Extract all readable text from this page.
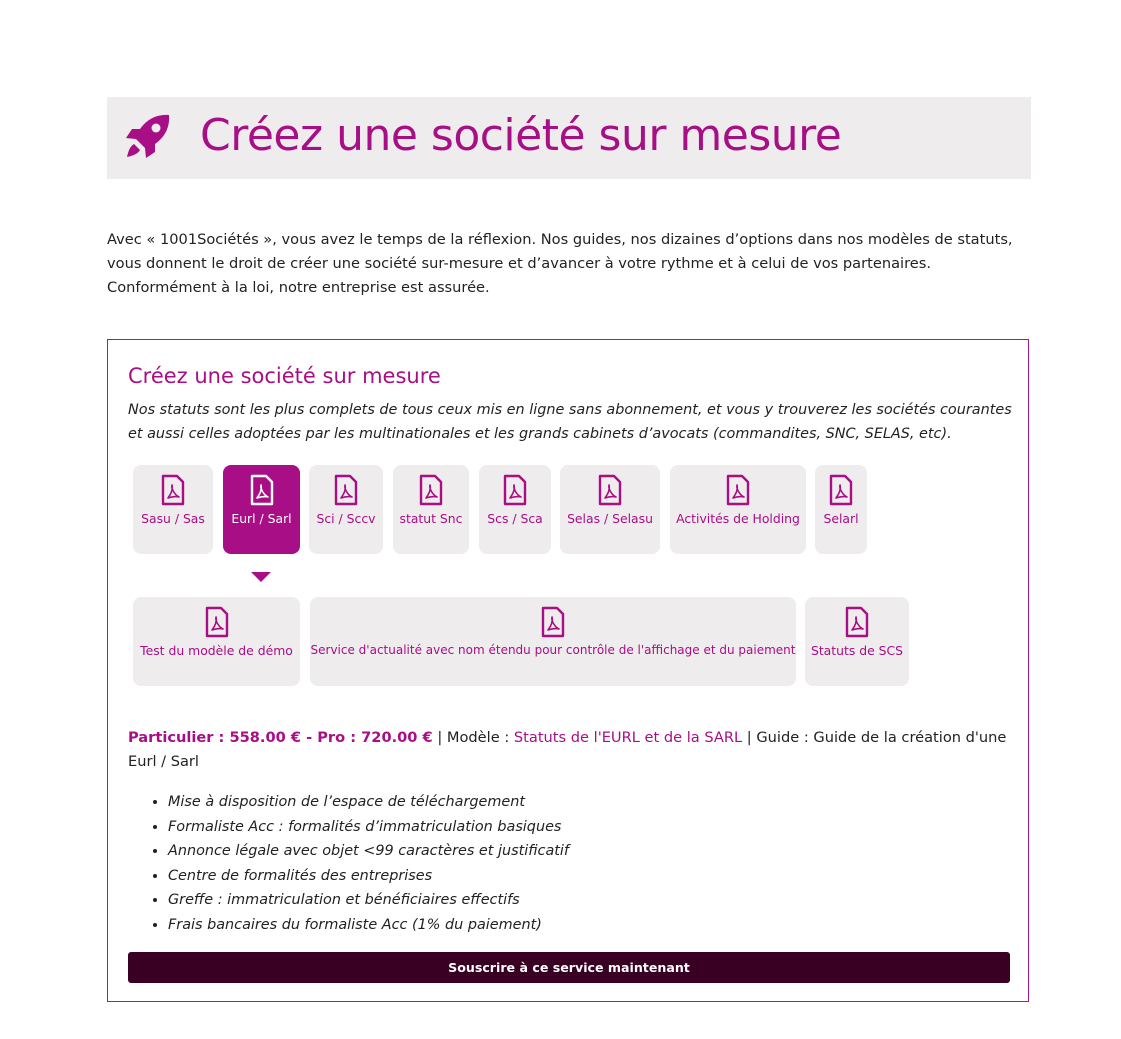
Créez une société sur mesure

Avec « 1001Sociétés », vous avez le temps de la réflexion. Nos guides, nos dizaines d’options dans nos modèles de statuts, vous donnent le droit de créer une société sur-mesure et d’avancer à votre rythme et à celui de vos partenaires. Conformément à la loi, notre entreprise est assurée.

Créez une société sur mesure
Nos statuts sont les plus complets de tous ceux mis en ligne sans abonnement, et vous y trouverez les sociétés courantes et aussi celles adoptées par les multinationales et les grands cabinets d’avocats (commandites, SNC, SELAS, etc).
Sasu / Sas	Eurl / Sarl	Sci / Sccv	statut Snc	Scs / Sca	Selas / Selasu	Activités de Holding	Selarl
Test du modèle de démo	Service d'actualité avec nom étendu pour contrôle de l'affichage et du paiement	Statuts de SCS
Particulier : 558.00 € - Pro : 720.00 € | Modèle : Statuts de l'EURL et de la SARL | Guide : Guide de la création d'une Eurl / Sarl
• Mise à disposition de l’espace de téléchargement
• Formaliste Acc : formalités d’immatriculation basiques
• Annonce légale avec objet <99 caractères et justificatif
• Centre de formalités des entreprises
• Greffe : immatriculation et bénéficiaires effectifs
• Frais bancaires du formaliste Acc (1% du paiement)
Souscrire à ce service maintenant
